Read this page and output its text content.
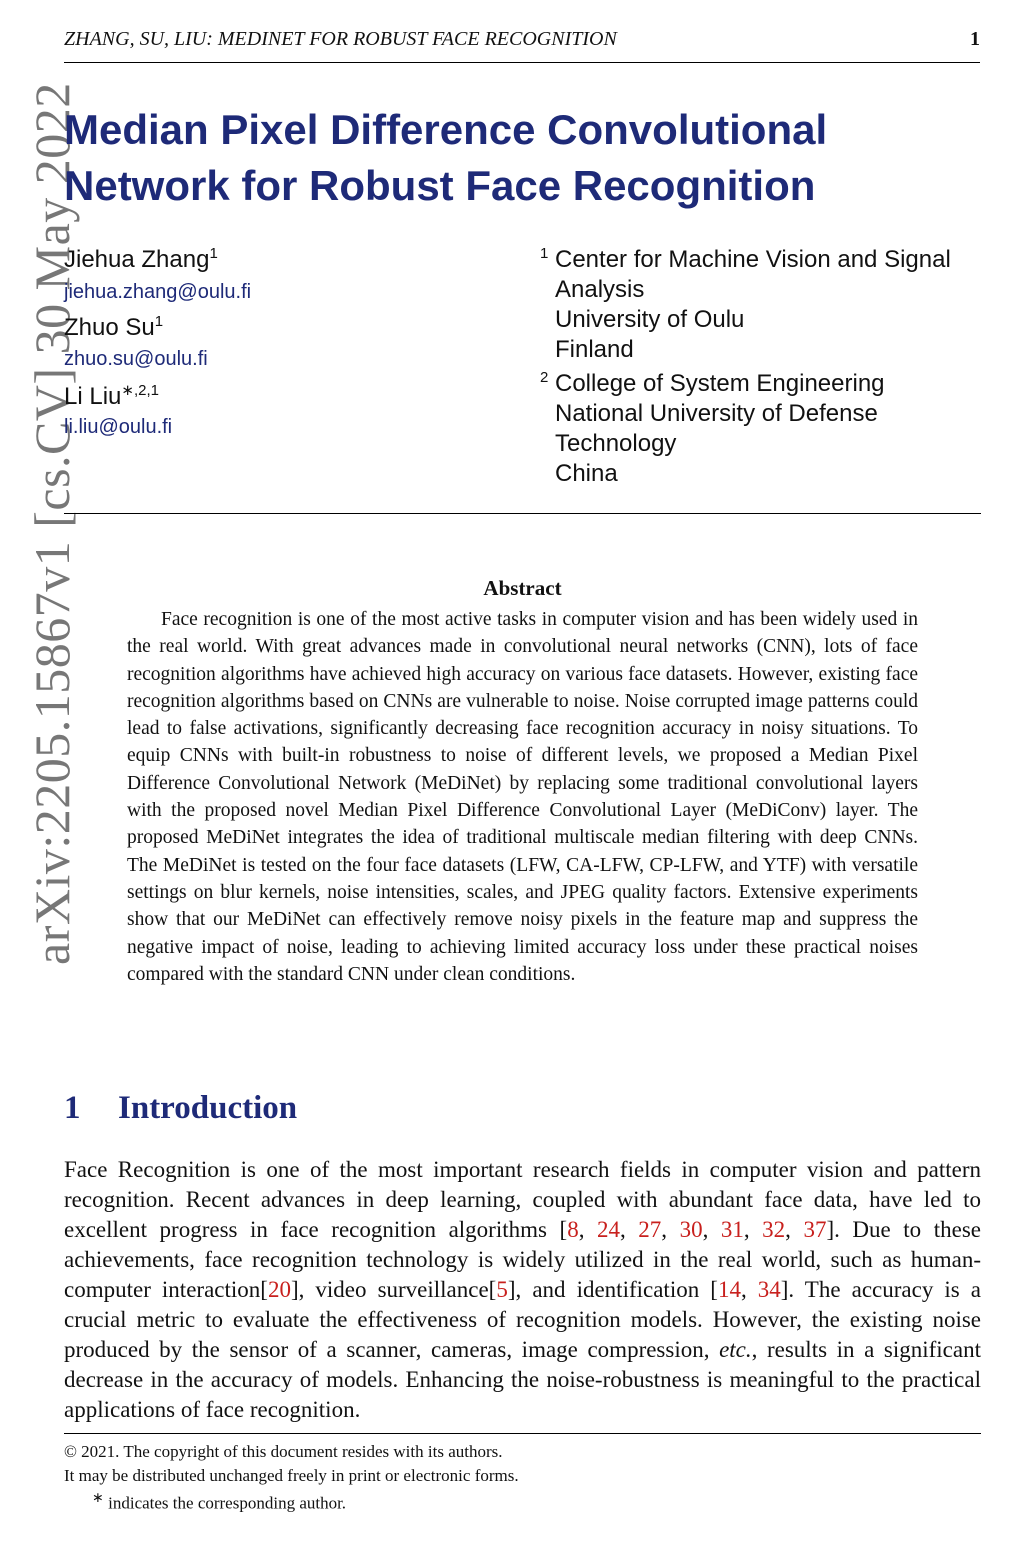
ZHANG, SU, LIU: MEDINET FOR ROBUST FACE RECOGNITION	1
arXiv:2205.15867v1 [cs.CV] 30 May 2022
Median Pixel Difference Convolutional
Network for Robust Face Recognition
Jiehua Zhang$^1$
jiehua.zhang@oulu.fi
Zhuo Su$^1$
zhuo.su@oulu.fi
Li Liu$^{∗,2,1}$
li.liu@oulu.fi
1 Center for Machine Vision and Signal
Analysis
University of Oulu
Finland
2 College of System Engineering
National University of Defense
Technology
China
Abstract
Face recognition is one of the most active tasks in computer vision and has been widely used in the real world. With great advances made in convolutional neural networks (CNN), lots of face recognition algorithms have achieved high accuracy on various face datasets. However, existing face recognition algorithms based on CNNs are vulnerable to noise. Noise corrupted image patterns could lead to false activations, significantly decreasing face recognition accuracy in noisy situations. To equip CNNs with built-in robustness to noise of different levels, we proposed a Median Pixel Difference Convolutional Network (MeDiNet) by replacing some traditional convolutional layers with the proposed novel Median Pixel Difference Convolutional Layer (MeDiConv) layer. The proposed MeDiNet integrates the idea of traditional multiscale median filtering with deep CNNs. The MeDiNet is tested on the four face datasets (LFW, CA-LFW, CP-LFW, and YTF) with versatile settings on blur kernels, noise intensities, scales, and JPEG quality factors. Extensive experiments show that our MeDiNet can effectively remove noisy pixels in the feature map and suppress the negative impact of noise, leading to achieving limited accuracy loss under these practical noises compared with the standard CNN under clean conditions.
1 Introduction
Face Recognition is one of the most important research fields in computer vision and pattern recognition. Recent advances in deep learning, coupled with abundant face data, have led to excellent progress in face recognition algorithms [8, 24, 27, 30, 31, 32, 37]. Due to these achievements, face recognition technology is widely utilized in the real world, such as human-computer interaction[20], video surveillance[5], and identification [14, 34]. The accuracy is a crucial metric to evaluate the effectiveness of recognition models. However, the existing noise produced by the sensor of a scanner, cameras, image compression, etc., results in a significant decrease in the accuracy of models. Enhancing the noise-robustness is meaningful to the practical applications of face recognition.
© 2021. The copyright of this document resides with its authors.
It may be distributed unchanged freely in print or electronic forms.
∗ indicates the corresponding author.
